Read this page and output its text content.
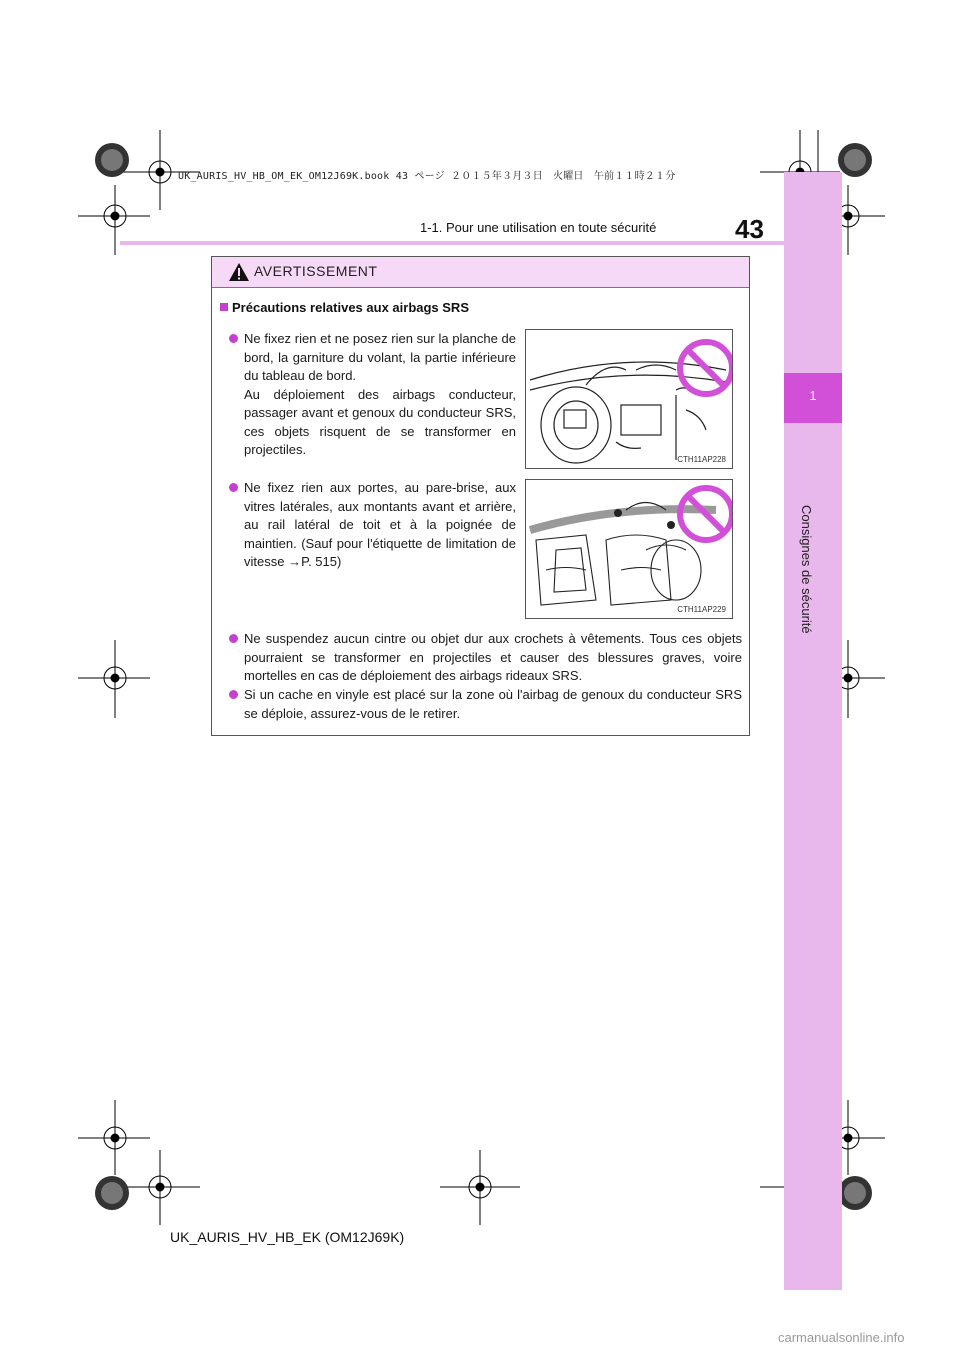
UK_AURIS_HV_HB_OM_EK_OM12J69K.book 43 ページ ２０１５年３月３日　火曜日　午前１１時２１分
1-1. Pour une utilisation en toute sécurité	43
1
Consignes de sécurité
AVERTISSEMENT
Précautions relatives aux airbags SRS

Ne fixez rien et ne posez rien sur la planche de bord, la garniture du volant, la partie inférieure du tableau de bord.

Au déploiement des airbags conducteur, passager avant et genoux du conducteur SRS, ces objets risquent de se transformer en projectiles.

CTH11AP228

Ne fixez rien aux portes, au pare-brise, aux vitres latérales, aux montants avant et arrière, au rail latéral de toit et à la poignée de maintien. (Sauf pour l'étiquette de limitation de vitesse →P. 515)

CTH11AP229

Ne suspendez aucun cintre ou objet dur aux crochets à vêtements. Tous ces objets pourraient se transformer en projectiles et causer des blessures graves, voire mortelles en cas de déploiement des airbags rideaux SRS.

Si un cache en vinyle est placé sur la zone où l'airbag de genoux du conducteur SRS se déploie, assurez-vous de le retirer.

UK_AURIS_HV_HB_EK (OM12J69K)
carmanualsonline.info
